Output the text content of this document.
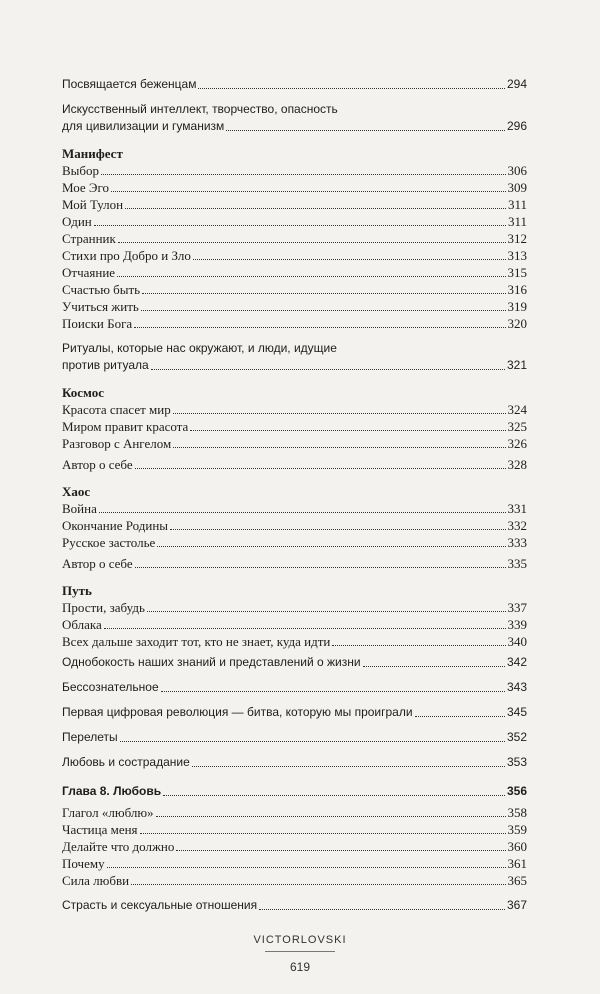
Посвящается беженцам	294
Искусственный интеллект, творчество, опасность
для цивилизации и гуманизм	296
Манифест
Выбор	306
Мое Эго	309
Мой Тулон	311
Один	311
Странник	312
Стихи про Добро и Зло	313
Отчаяние	315
Счастью быть	316
Учиться жить	319
Поиски Бога	320
Ритуалы, которые нас окружают, и люди, идущие
против ритуала	321
Космос
Красота спасет мир	324
Миром правит красота	325
Разговор с Ангелом	326
Автор о себе	328
Хаос
Война	331
Окончание Родины	332
Русское застолье	333
Автор о себе	335
Путь
Прости, забудь	337
Облака	339
Всех дальше заходит тот, кто не знает, куда идти	340
Однобокость наших знаний и представлений о жизни	342
Бессознательное	343
Первая цифровая революция — битва, которую мы проиграли	345
Перелеты	352
Любовь и сострадание	353
Глава 8. Любовь	356
Глагол «люблю»	358
Частица меня	359
Делайте что должно	360
Почему	361
Сила любви	365
Страсть и сексуальные отношения	367
VICTORLOVSKI
619
